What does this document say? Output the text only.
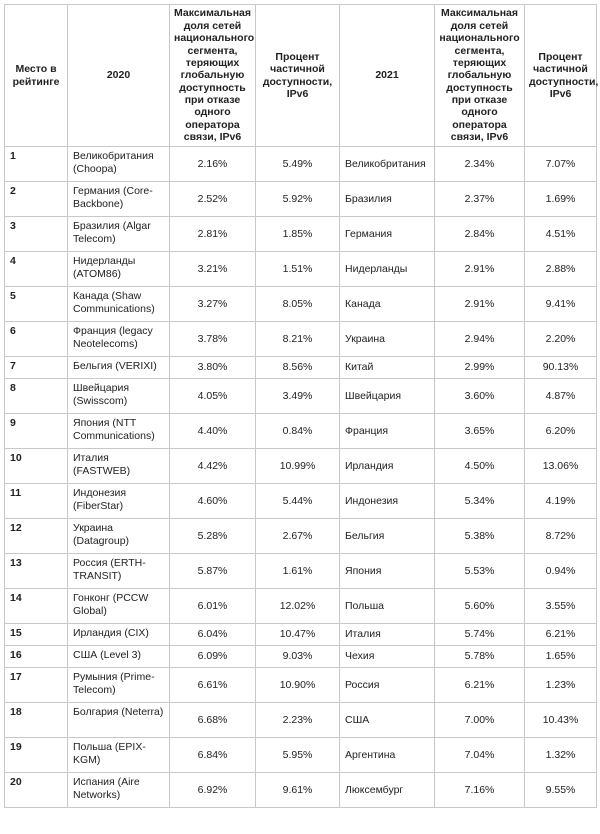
Место в рейтинге	2020	Максимальная доля сетей национального сегмента, теряющих глобальную доступность при отказе одного оператора связи, IPv6	Процент частичной доступности, IPv6	2021	Максимальная доля сетей национального сегмента, теряющих глобальную доступность при отказе одного оператора связи, IPv6	Процент частичной доступности, IPv6
1	Великобритания (Choopa)	2.16%	5.49%	Великобритания	2.34%	7.07%
2	Германия (Core-Backbone)	2.52%	5.92%	Бразилия	2.37%	1.69%
3	Бразилия (Algar Telecom)	2.81%	1.85%	Германия	2.84%	4.51%
4	Нидерланды (ATOM86)	3.21%	1.51%	Нидерланды	2.91%	2.88%
5	Канада (Shaw Communications)	3.27%	8.05%	Канада	2.91%	9.41%
6	Франция (legacy Neotelecoms)	3.78%	8.21%	Украина	2.94%	2.20%
7	Бельгия (VERIXI)	3.80%	8.56%	Китай	2.99%	90.13%
8	Швейцария (Swisscom)	4.05%	3.49%	Швейцария	3.60%	4.87%
9	Япония (NTT Communications)	4.40%	0.84%	Франция	3.65%	6.20%
10	Италия (FASTWEB)	4.42%	10.99%	Ирландия	4.50%	13.06%
11	Индонезия (FiberStar)	4.60%	5.44%	Индонезия	5.34%	4.19%
12	Украина (Datagroup)	5.28%	2.67%	Бельгия	5.38%	8.72%
13	Россия (ERTH-TRANSIT)	5.87%	1.61%	Япония	5.53%	0.94%
14	Гонконг (PCCW Global)	6.01%	12.02%	Польша	5.60%	3.55%
15	Ирландия (CIX)	6.04%	10.47%	Италия	5.74%	6.21%
16	США (Level 3)	6.09%	9.03%	Чехия	5.78%	1.65%
17	Румыния (Prime-Telecom)	6.61%	10.90%	Россия	6.21%	1.23%
18	Болгария (Neterra)	6.68%	2.23%	США	7.00%	10.43%
19	Польша (EPIX-KGM)	6.84%	5.95%	Аргентина	7.04%	1.32%
20	Испания (Aire Networks)	6.92%	9.61%	Люксембург	7.16%	9.55%
